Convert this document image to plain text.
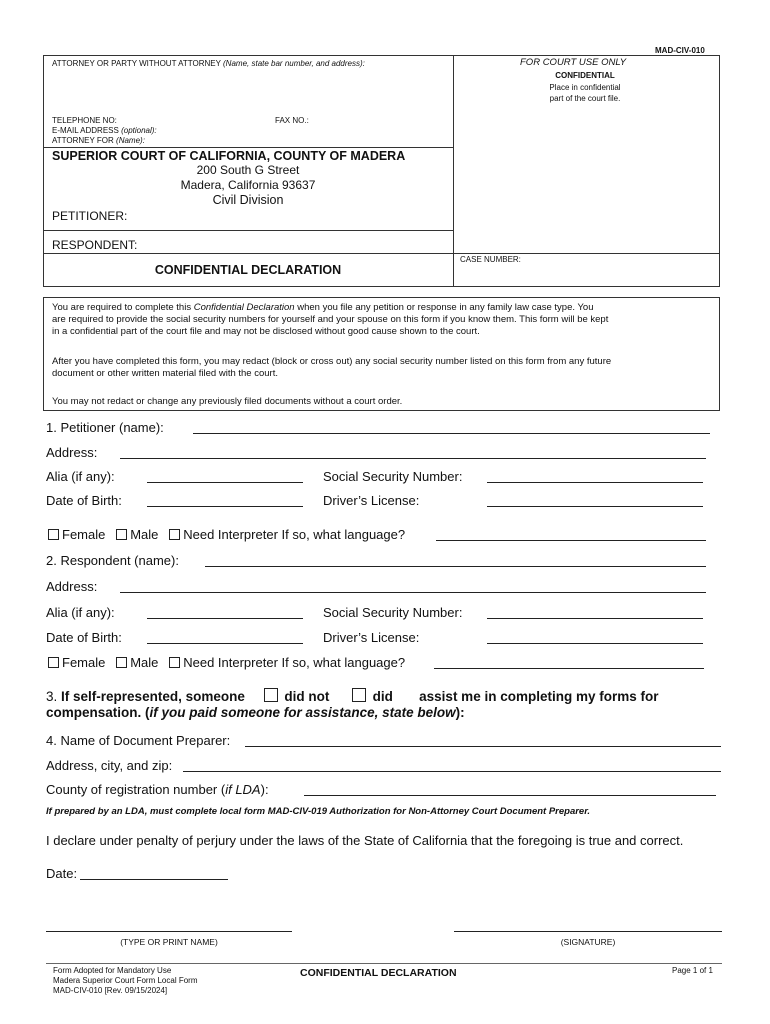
MAD-CIV-010
ATTORNEY OR PARTY WITHOUT ATTORNEY (Name, state bar number, and address):	FOR COURT USE ONLY
CONFIDENTIAL
Place in confidential
part of the court file.
TELEPHONE NO:	FAX NO.:
E-MAIL ADDRESS (optional):
ATTORNEY FOR (Name):
SUPERIOR COURT OF CALIFORNIA, COUNTY OF MADERA
200 South G Street
Madera, California 93637
Civil Division
PETITIONER:
RESPONDENT:
CONFIDENTIAL DECLARATION
CASE NUMBER:
You are required to complete this Confidential Declaration when you file any petition or response in any family law case type. You
are required to provide the social security numbers for yourself and your spouse on this form if you know them. This form will be kept
in a confidential part of the court file and may not be disclosed without good cause shown to the court.
After you have completed this form, you may redact (block or cross out) any social security number listed on this form from any future
document or other written material filed with the court.
You may not redact or change any previously filed documents without a court order.
1. Petitioner (name):
Address:
Alia (if any):	Social Security Number:
Date of Birth:	Driver’s License:
Female Male Need Interpreter If so, what language?
2. Respondent (name):
Address:
Alia (if any):	Social Security Number:
Date of Birth:	Driver’s License:
Female Male Need Interpreter If so, what language?
3. If self-represented, someone	did not	did assist me in completing my forms for
compensation. (if you paid someone for assistance, state below):
4. Name of Document Preparer:
Address, city, and zip:
County of registration number (if LDA):
If prepared by an LDA, must complete local form MAD-CIV-019 Authorization for Non-Attorney Court Document Preparer.
I declare under penalty of perjury under the laws of the State of California that the foregoing is true and correct.
Date:
(TYPE OR PRINT NAME)	(SIGNATURE)
Form Adopted for Mandatory Use
Madera Superior Court Form Local Form
MAD-CIV-010 [Rev. 09/15/2024]
CONFIDENTIAL DECLARATION	Page 1 of 1
